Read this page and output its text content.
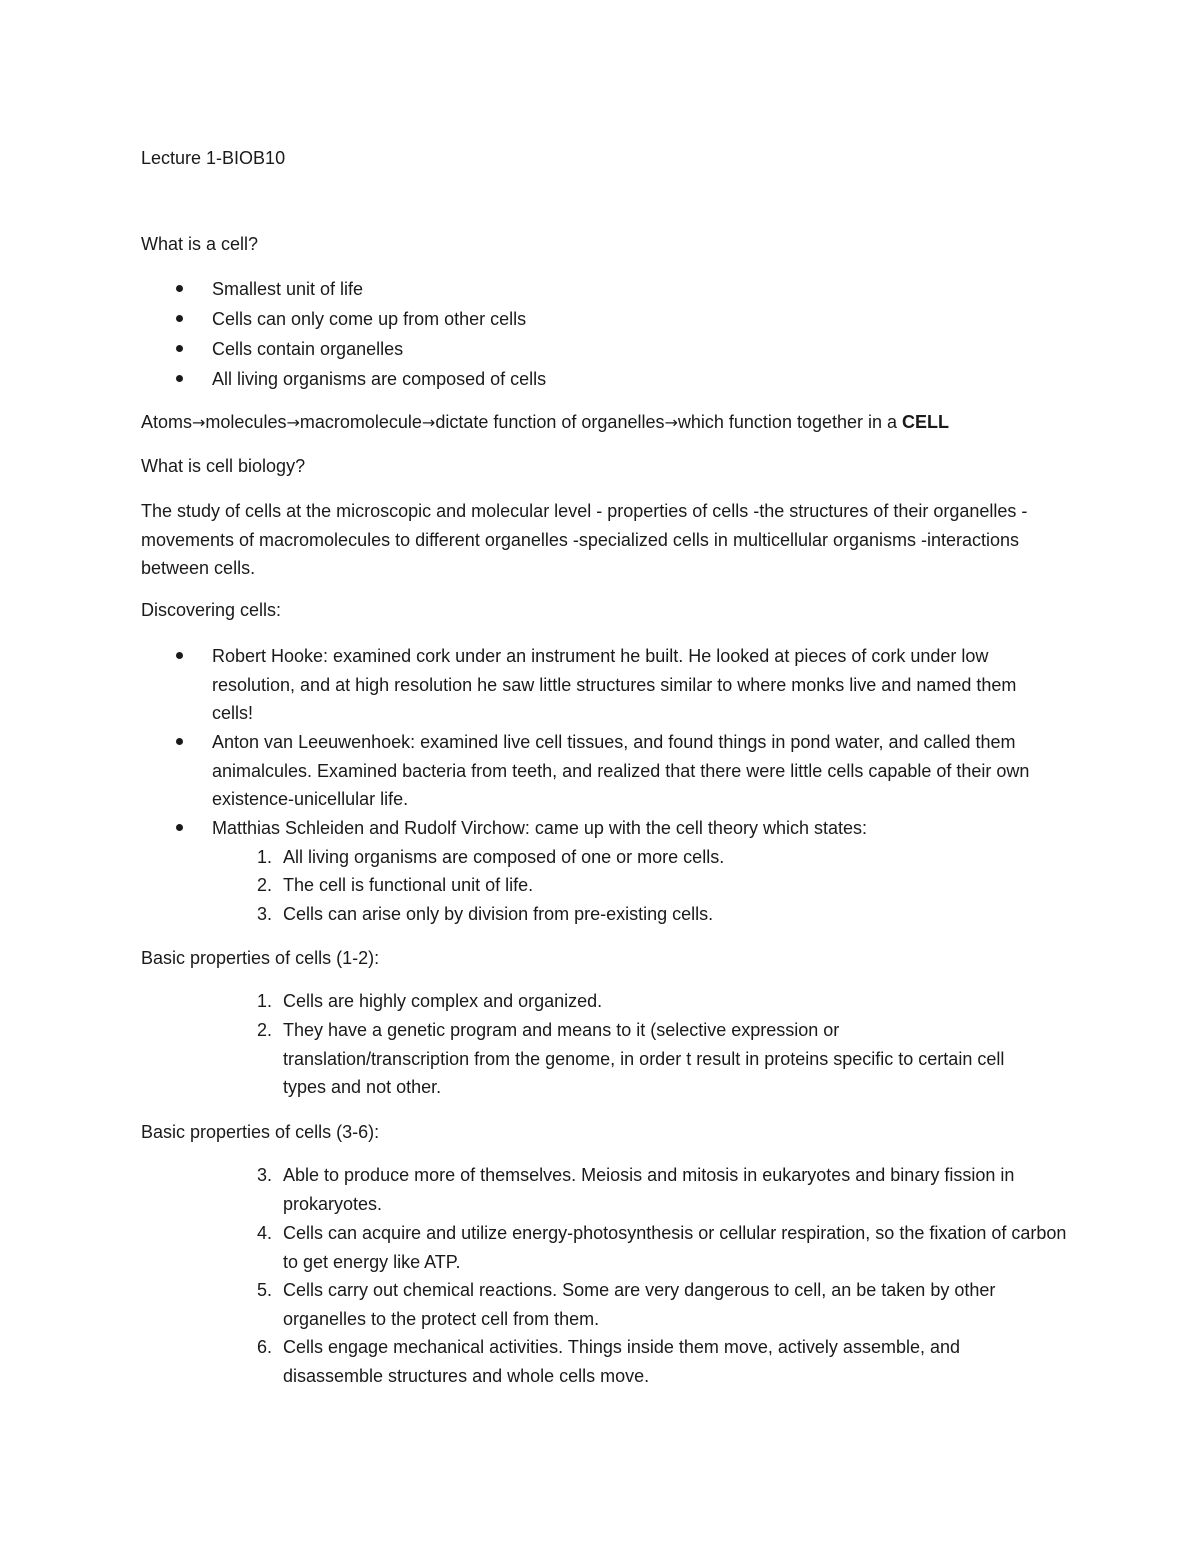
Lecture 1-BIOB10
What is a cell?
Smallest unit of life
Cells can only come up from other cells
Cells contain organelles
All living organisms are composed of cells
Atoms→molecules→macromolecule→dictate function of organelles→which function together in a CELL
What is cell biology?
The study of cells at the microscopic and molecular level - properties of cells -the structures of their organelles -movements of macromolecules to different organelles -specialized cells in multicellular organisms -interactions between cells.
Discovering cells:
Robert Hooke: examined cork under an instrument he built. He looked at pieces of cork under low resolution, and at high resolution he saw little structures similar to where monks live and named them cells!
Anton van Leeuwenhoek: examined live cell tissues, and found things in pond water, and called them animalcules. Examined bacteria from teeth, and realized that there were little cells capable of their own existence-unicellular life.
Matthias Schleiden and Rudolf Virchow: came up with the cell theory which states:
1. All living organisms are composed of one or more cells.
2. The cell is functional unit of life.
3. Cells can arise only by division from pre-existing cells.
Basic properties of cells (1-2):
1. Cells are highly complex and organized.
2. They have a genetic program and means to it (selective expression or translation/transcription from the genome, in order t result in proteins specific to certain cell types and not other.
Basic properties of cells (3-6):
3. Able to produce more of themselves. Meiosis and mitosis in eukaryotes and binary fission in prokaryotes.
4. Cells can acquire and utilize energy-photosynthesis or cellular respiration, so the fixation of carbon to get energy like ATP.
5. Cells carry out chemical reactions. Some are very dangerous to cell, an be taken by other organelles to the protect cell from them.
6. Cells engage mechanical activities. Things inside them move, actively assemble, and disassemble structures and whole cells move.
